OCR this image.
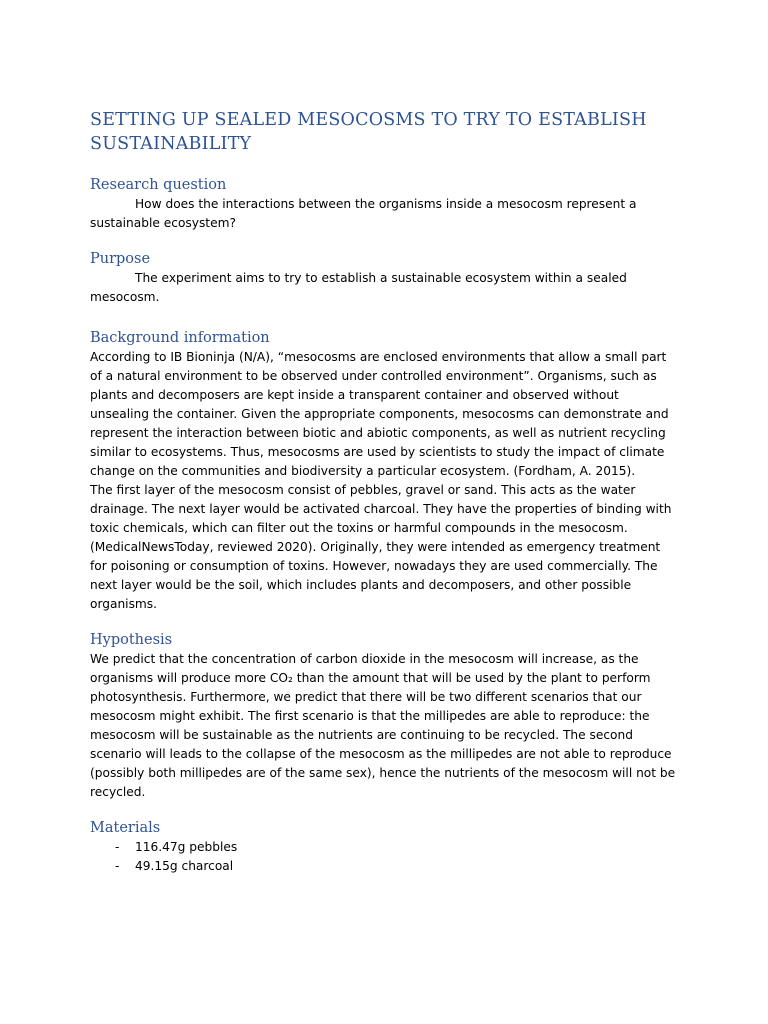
SETTING UP SEALED MESOCOSMS TO TRY TO ESTABLISH SUSTAINABILITY
Research question

How does the interactions between the organisms inside a mesocosm represent a sustainable ecosystem?

Purpose

The experiment aims to try to establish a sustainable ecosystem within a sealed mesocosm.

Background information

According to IB Bioninja (N/A), “mesocosms are enclosed environments that allow a small part of a natural environment to be observed under controlled environment”. Organisms, such as plants and decomposers are kept inside a transparent container and observed without unsealing the container. Given the appropriate components, mesocosms can demonstrate and represent the interaction between biotic and abiotic components, as well as nutrient recycling similar to ecosystems. Thus, mesocosms are used by scientists to study the impact of climate change on the communities and biodiversity a particular ecosystem. (Fordham, A. 2015).

The first layer of the mesocosm consist of pebbles, gravel or sand. This acts as the water drainage. The next layer would be activated charcoal. They have the properties of binding with toxic chemicals, which can filter out the toxins or harmful compounds in the mesocosm. (MedicalNewsToday, reviewed 2020). Originally, they were intended as emergency treatment for poisoning or consumption of toxins. However, nowadays they are used commercially. The next layer would be the soil, which includes plants and decomposers, and other possible organisms.

Hypothesis

We predict that the concentration of carbon dioxide in the mesocosm will increase, as the organisms will produce more CO₂ than the amount that will be used by the plant to perform photosynthesis. Furthermore, we predict that there will be two different scenarios that our mesocosm might exhibit. The first scenario is that the millipedes are able to reproduce: the mesocosm will be sustainable as the nutrients are continuing to be recycled. The second scenario will leads to the collapse of the mesocosm as the millipedes are not able to reproduce (possibly both millipedes are of the same sex), hence the nutrients of the mesocosm will not be recycled.

Materials
- 116.47g pebbles
- 49.15g charcoal
